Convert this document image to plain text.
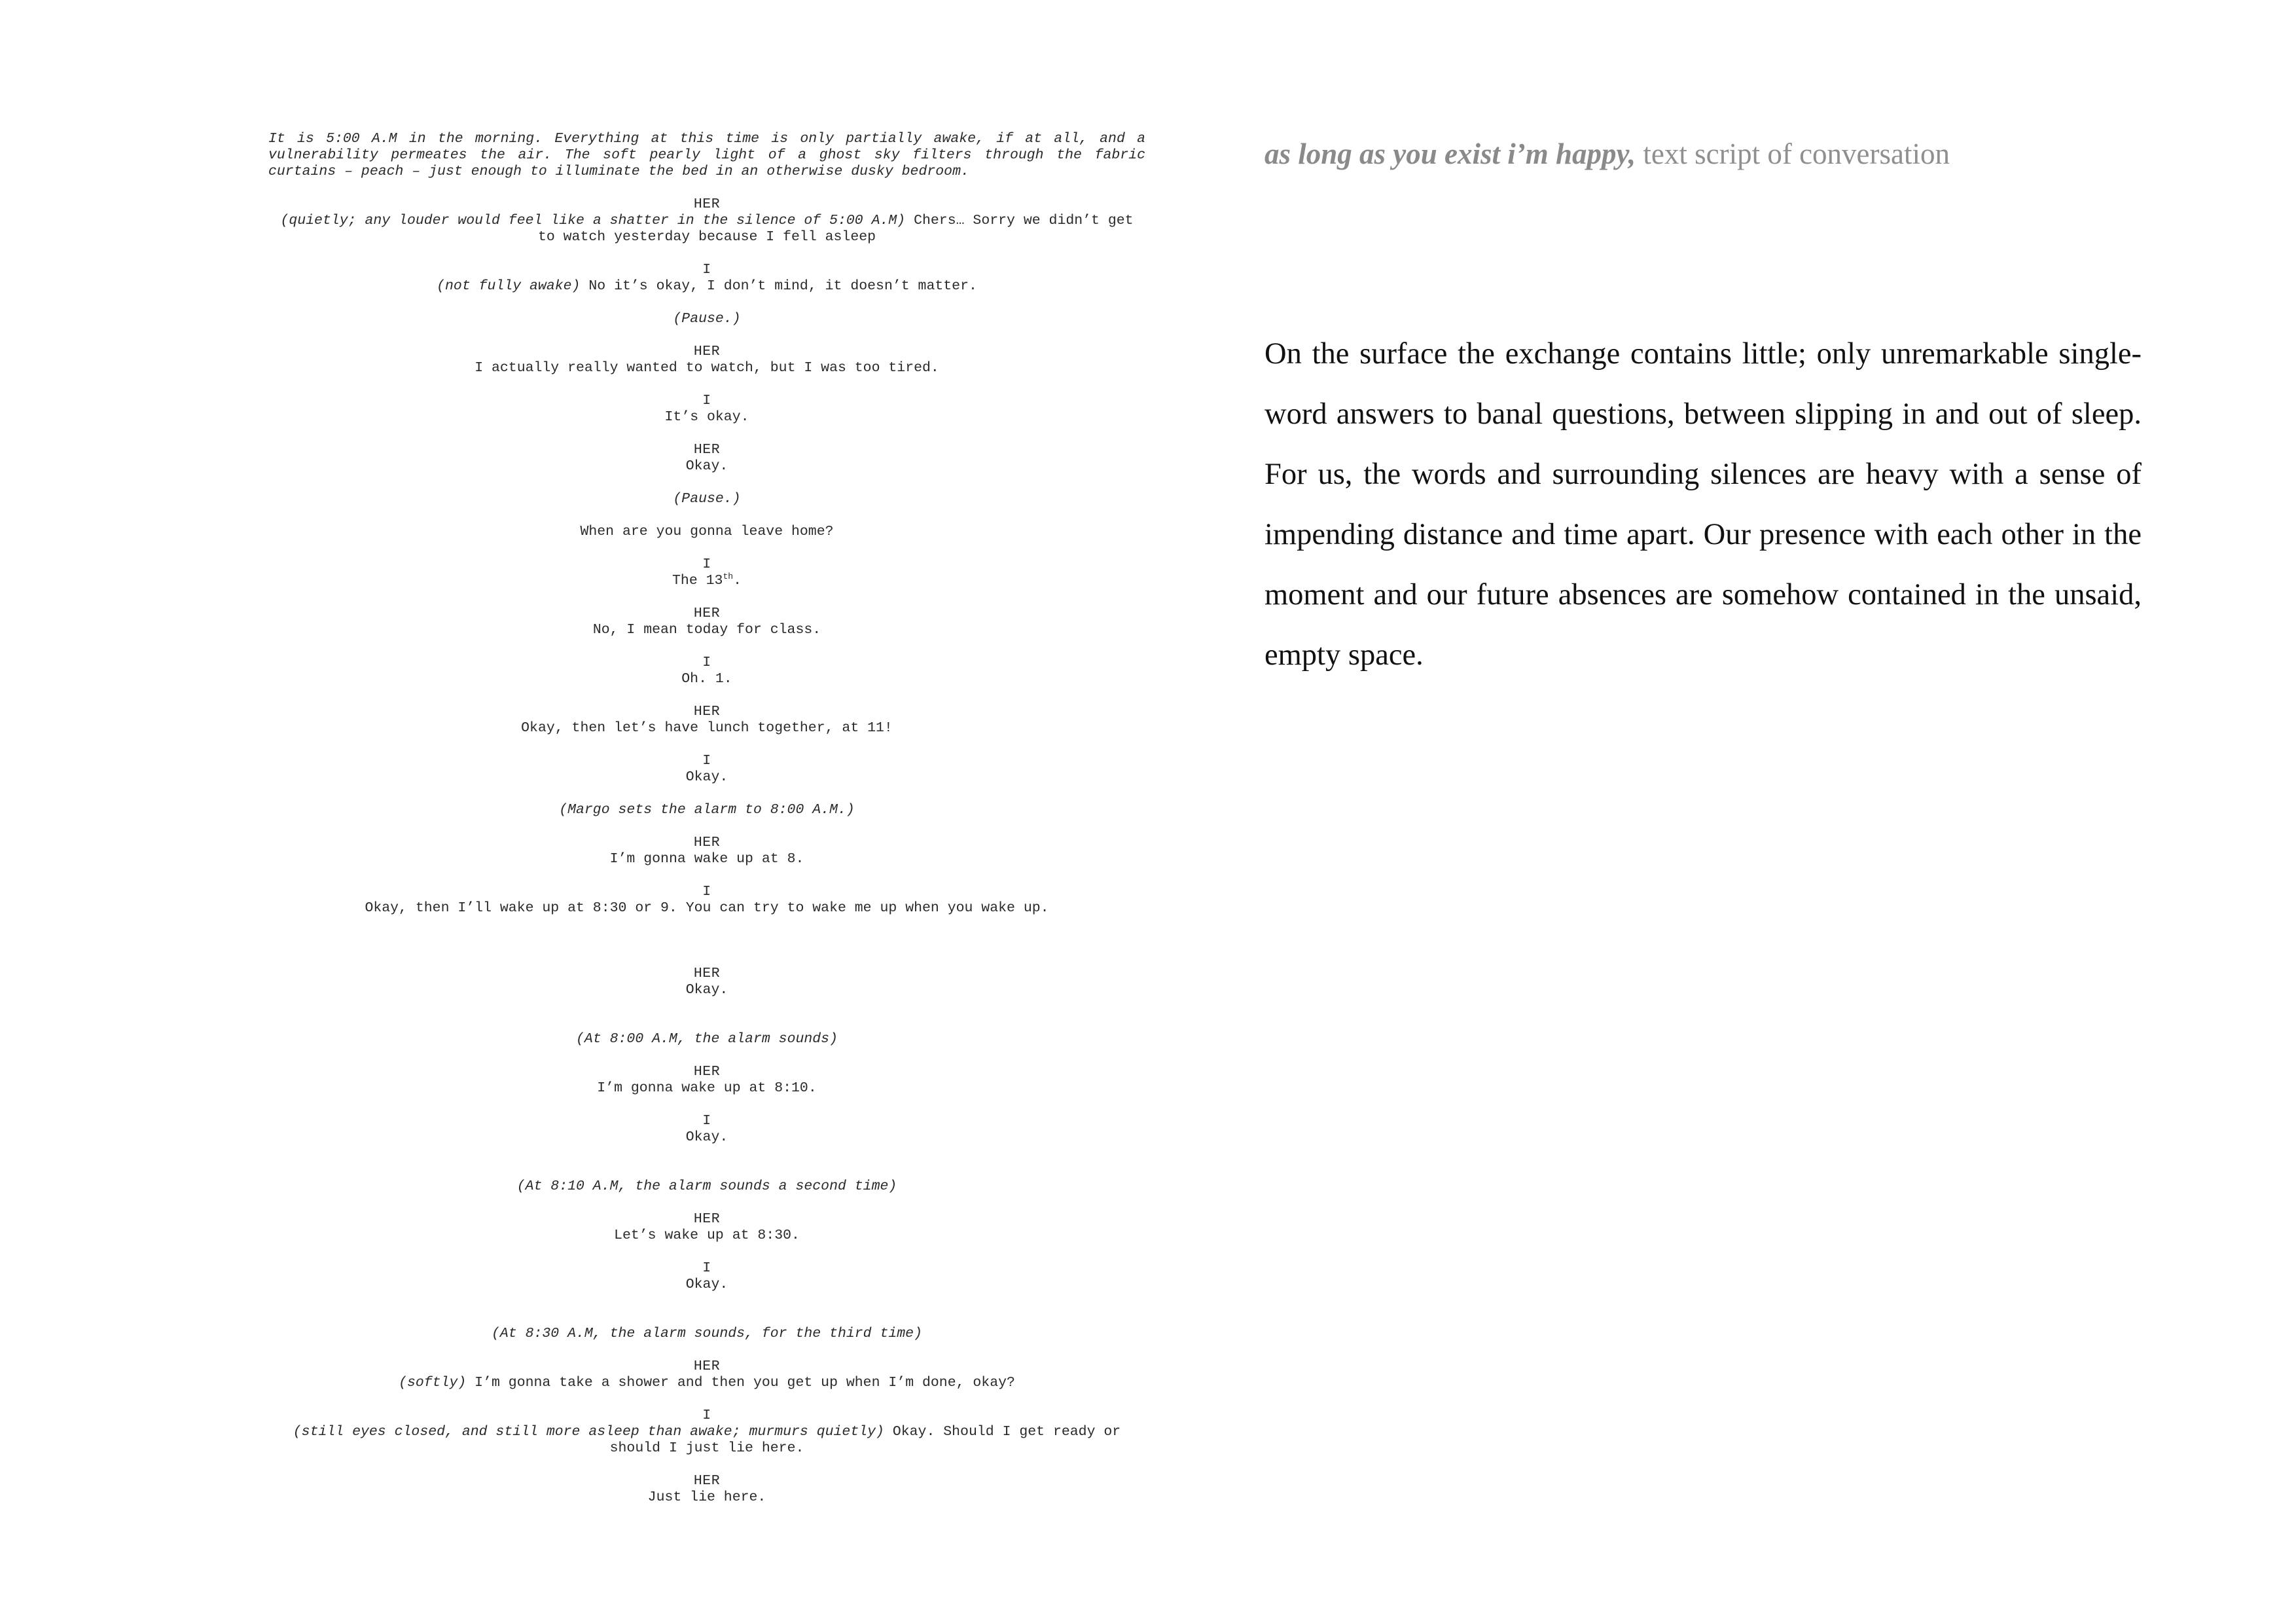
It is 5:00 A.M in the morning. Everything at this time is only partially awake, if at all, and a vulnerability permeates the air. The soft pearly light of a ghost sky filters through the fabric curtains – peach – just enough to illuminate the bed in an otherwise dusky bedroom.
HER
(quietly; any louder would feel like a shatter in the silence of 5:00 A.M) Chers… Sorry we didn’t get to watch yesterday because I fell asleep
I
(not fully awake) No it’s okay, I don’t mind, it doesn’t matter.
(Pause.)
HER
I actually really wanted to watch, but I was too tired.
I
It’s okay.
HER
Okay.
(Pause.)
When are you gonna leave home?
I
The 13th.
HER
No, I mean today for class.
I
Oh. 1.
HER
Okay, then let’s have lunch together, at 11!
I
Okay.
(Margo sets the alarm to 8:00 A.M.)
HER
I’m gonna wake up at 8.
I
Okay, then I’ll wake up at 8:30 or 9. You can try to wake me up when you wake up.
HER
Okay.
(At 8:00 A.M, the alarm sounds)
HER
I’m gonna wake up at 8:10.
I
Okay.
(At 8:10 A.M, the alarm sounds a second time)
HER
Let’s wake up at 8:30.
I
Okay.
(At 8:30 A.M, the alarm sounds, for the third time)
HER
(softly) I’m gonna take a shower and then you get up when I’m done, okay?
I
(still eyes closed, and still more asleep than awake; murmurs quietly) Okay. Should I get ready or should I just lie here.
HER
Just lie here.
as long as you exist i’m happy, text script of conversation

On the surface the exchange contains little; only unremarkable single-word answers to banal questions, between slipping in and out of sleep. For us, the words and surrounding silences are heavy with a sense of impending distance and time apart. Our presence with each other in the moment and our future absences are somehow contained in the unsaid, empty space.
